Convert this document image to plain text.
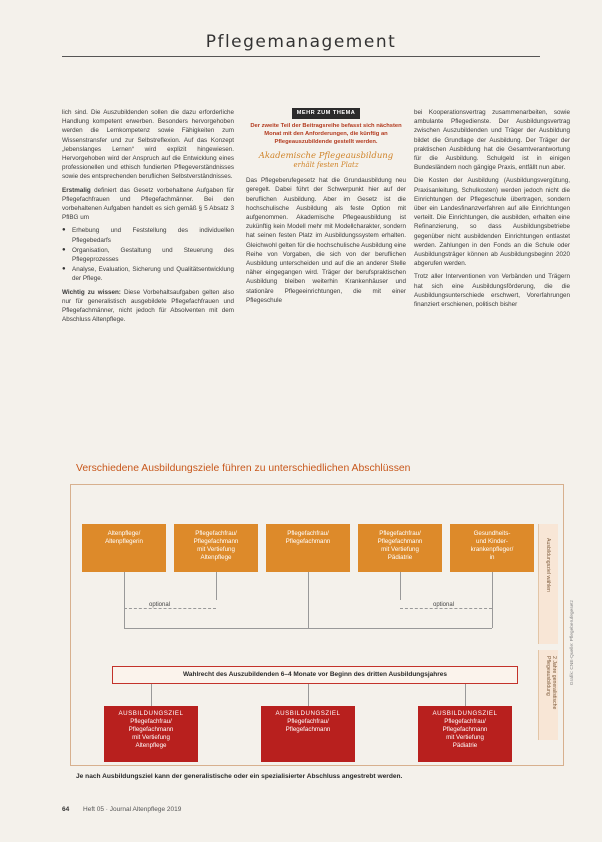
Pflegemanagement

lich sind. Die Auszubildenden sollen die dazu erforderliche Handlung kompetent erwerben. Besonders hervorgehoben werden die Lernkompetenz sowie Fähigkeiten zum Wissenstransfer und zur Selbstreflexion. Auf das Konzept „lebenslanges Lernen“ wird explizit hingewiesen. Hervorgehoben wird der Anspruch auf die Entwicklung eines professionellen und ethisch fundierten Pflegeverständnisses sowie des entsprechenden beruflichen Selbstverständnisses.

Erstmalig definiert das Gesetz vorbehaltene Aufgaben für Pflegefachfrauen und Pflegefachmänner. Bei den vorbehaltenen Aufgaben handelt es sich gemäß § 5 Absatz 3 PflBG um

● Erhebung und Feststellung des individuellen Pflegebedarfs
● Organisation, Gestaltung und Steuerung des Pflegeprozesses
● Analyse, Evaluation, Sicherung und Qualitätsentwicklung der Pflege.

Wichtig zu wissen: Diese Vorbehaltsaufgaben gelten also nur für generalistisch ausgebildete Pflegefachfrauen und Pflegefachmänner, nicht jedoch für Absolventen mit dem Abschluss Altenpflege.

MEHR ZUM THEMA
Der zweite Teil der Beitragsreihe befasst sich nächsten Monat mit den Anforderungen, die künftig an Pflegeauszubildende gestellt werden.
Akademische Pflegeausbildung
erhält festen Platz

Das Pflegeberufegesetz hat die Grundausbildung neu geregelt. Dabei führt der Schwerpunkt hier auf der beruflichen Ausbildung. Aber im Gesetz ist die hochschulische Ausbildung als feste Option mit aufgenommen. Akademische Pflegeausbildung ist zukünftig kein Modell mehr mit Modellcharakter, sondern hat seinen festen Platz im Ausbildungssystem erhalten. Gleichwohl gelten für die hochschulische Ausbildung eine Reihe von Vorgaben, die sich von der beruflichen Ausbildung unterscheiden und auf die an anderer Stelle näher eingegangen wird. Träger der berufspraktischen Ausbildung bleiben weiterhin Krankenhäuser und stationäre Pflegeeinrichtungen, die mit einer Pflegeschule

bei Kooperationsvertrag zusammenarbeiten, sowie ambulante Pflegedienste. Der Ausbildungsvertrag zwischen Auszubildenden und Träger der Ausbildung bildet die Grundlage der Ausbildung. Der Träger der praktischen Ausbildung hat die Gesamtverantwortung für die Ausbildung. Schulgeld ist in einigen Bundesländern noch gängige Praxis, entfällt nun aber.

Die Kosten der Ausbildung (Ausbildungsvergütung, Praxisanleitung, Schulkosten) werden jedoch nicht die Einrichtungen der Pflegeschule übertragen, sondern über ein Landesfinanzverfahren auf alle Einrichtungen verteilt. Die Einrichtungen, die ausbilden, erhalten eine Refinanzierung, so dass Ausbildungsbetriebe gegenüber nicht ausbildenden Einrichtungen entlastet werden. Zahlungen in den Fonds an die Schule oder Ausbildungsträger können ab Ausbildungsbeginn 2020 abgerufen werden.

Trotz aller Interventionen von Verbänden und Trägern hat sich eine Ausbildungsförderung, die die Ausbildungsunterschiede erschwert, Vorerfahrungen finanziert erschienen, politisch bisher

Verschiedene Ausbildungsziele führen zu unterschiedlichen Abschlüssen
Ausbildungsziel wählen
2 Jahre generalistische Pflegeausbildung
Altenpflege/
Altenpflegerin
Pflegefachfrau/
Pflegefachmann
mit Vertiefung
Altenpflege
Pflegefachfrau/
Pflegefachmann
Pflegefachfrau/
Pflegefachmann
mit Vertiefung
Pädiatrie
Gesundheits-
und Kinder-
krankenpfleger/
in
optional	optional
Wahlrecht des Auszubildenden 6–4 Monate vor Beginn des dritten Ausbildungsjahres
AUSBILDUNGSZIEL
Pflegefachfrau/
Pflegefachmann
mit Vertiefung
Altenpflege
AUSBILDUNGSZIEL
Pflegefachfrau/
Pflegefachmann
AUSBILDUNGSZIEL
Pflegefachfrau/
Pflegefachmann
mit Vertiefung
Pädiatrie
Je nach Ausbildungsziel kann der generalistische oder ein spezialisierter Abschluss angestrebt werden.
Grafik: CNE-Quelle: Pflegeberufegesetz
64 Heft 05 · Journal Altenpflege 2019
